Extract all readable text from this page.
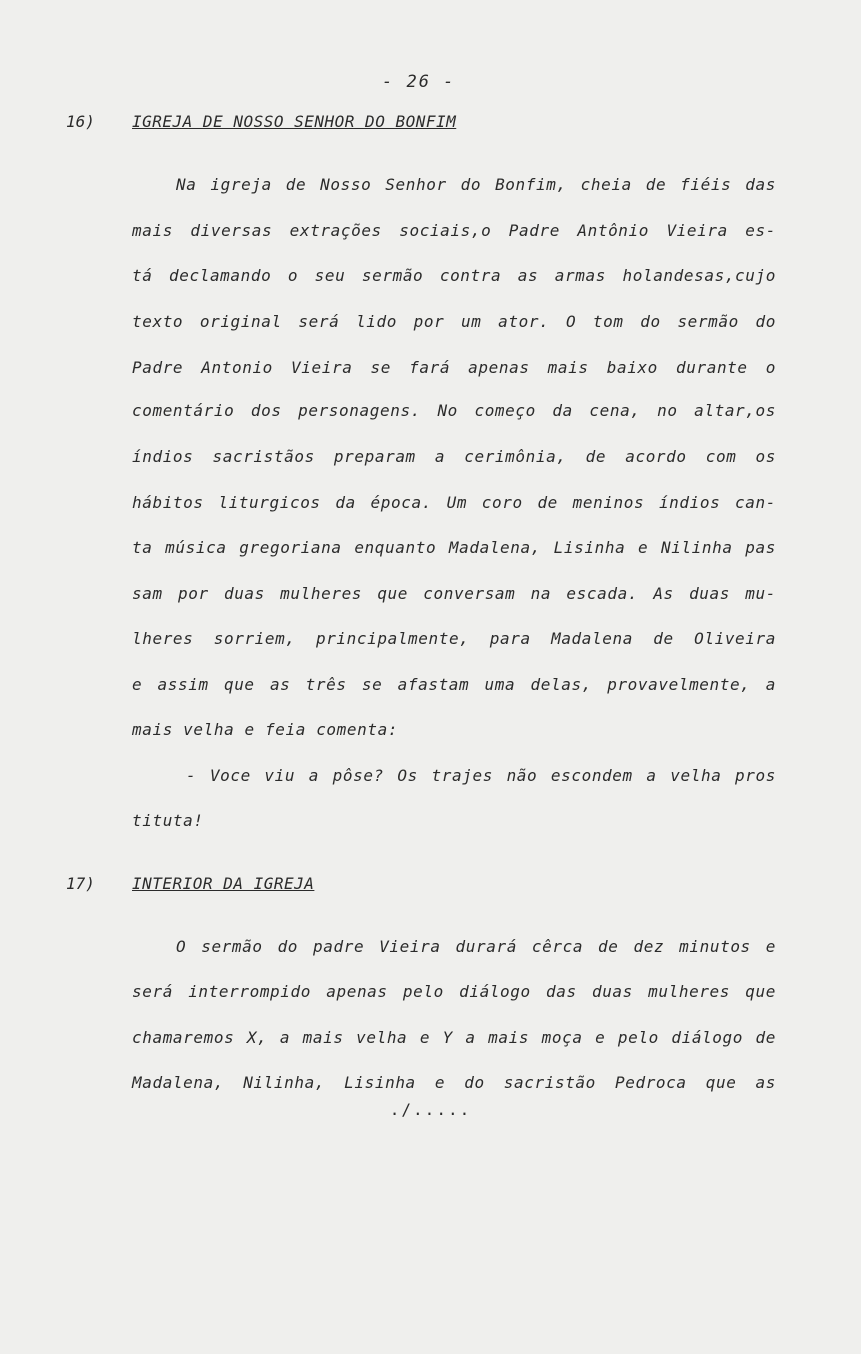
- 26 -
16) IGREJA DE NOSSO SENHOR DO BONFIM
Na igreja de Nosso Senhor do Bonfim, cheia de fiéis das
mais diversas extrações sociais,o Padre Antônio Vieira es-
tá declamando o seu sermão contra as armas holandesas,cujo
texto original será lido por um ator. O tom do sermão do
Padre Antonio Vieira se fará apenas mais baixo durante o
comentário dos personagens. No começo da cena, no altar,os
índios sacristãos preparam a cerimônia, de acordo com os
hábitos liturgicos da época. Um coro de meninos índios can-
ta música gregoriana enquanto Madalena, Lisinha e Nilinha pas
sam por duas mulheres que conversam na escada. As duas mu-
lheres sorriem, principalmente, para Madalena de Oliveira
e assim que as três se afastam uma delas, provavelmente, a
mais velha e feia comenta:
- Voce viu a pôse? Os trajes não escondem a velha pros
tituta!
17) INTERIOR DA IGREJA
O sermão do padre Vieira durará cêrca de dez minutos e
será interrompido apenas pelo diálogo das duas mulheres que
chamaremos X, a mais velha e Y a mais moça e pelo diálogo de
Madalena, Nilinha, Lisinha e do sacristão Pedroca que as
./.....
